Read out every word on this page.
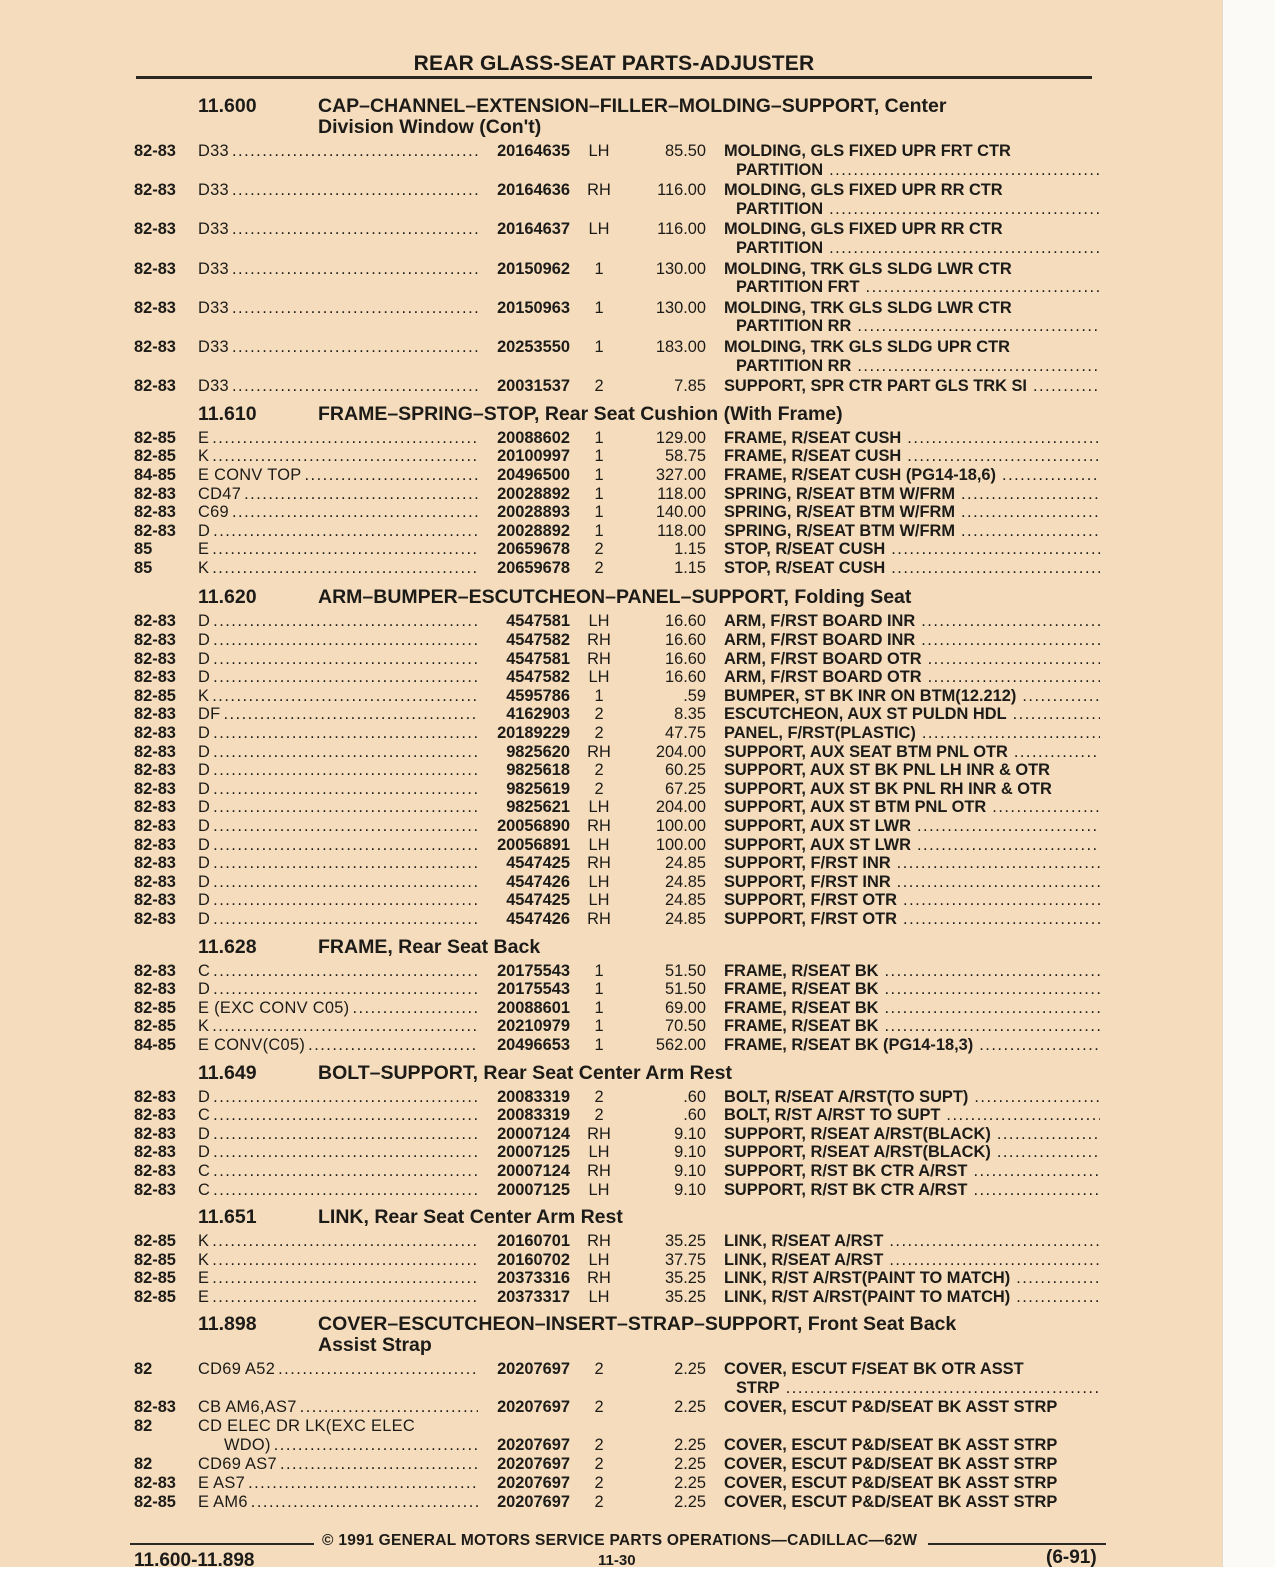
REAR GLASS-SEAT PARTS-ADJUSTER
11.600	CAP–CHANNEL–EXTENSION–FILLER–MOLDING–SUPPORT, Center
Division Window (Con't)
82-83	D33 .....	20164635	LH	85.50 MOLDING, GLS FIXED UPR FRT CTR
PARTITION
.....
82-83	D33 .....	20164636	RH	116.00 MOLDING, GLS FIXED UPR RR CTR
PARTITION
.....
82-83	D33 .....	20164637	LH	116.00 MOLDING, GLS FIXED UPR RR CTR
PARTITION
.....
82-83	D33 .....	20150962	1	130.00 MOLDING, TRK GLS SLDG LWR CTR
PARTITION FRT
.....
82-83	D33 .....	20150963	1	130.00 MOLDING, TRK GLS SLDG LWR CTR
PARTITION RR
.....
82-83	D33 .....	20253550	1	183.00 MOLDING, TRK GLS SLDG UPR CTR
PARTITION RR
.....
82-83	D33 .....	20031537	2	7.85 SUPPORT, SPR CTR PART GLS TRK SI
.....
11.610	FRAME–SPRING–STOP, Rear Seat Cushion (With Frame)
82-85	E .....	20088602	1	129.00 FRAME, R/SEAT CUSH
.....
82-85	K .....	20100997	1	58.75 FRAME, R/SEAT CUSH
.....
84-85	E CONV TOP .....	20496500	1	327.00 FRAME, R/SEAT CUSH (PG14-18,6)
.....
82-83	CD47 .....	20028892	1	118.00 SPRING, R/SEAT BTM W/FRM
.....
82-83	C69 .....	20028893	1	140.00 SPRING, R/SEAT BTM W/FRM
.....
82-83	D .....	20028892	1	118.00 SPRING, R/SEAT BTM W/FRM
.....
85	E .....	20659678	2	1.15 STOP, R/SEAT CUSH
.....
85	K .....	20659678	2	1.15 STOP, R/SEAT CUSH
.....
11.620	ARM–BUMPER–ESCUTCHEON–PANEL–SUPPORT, Folding Seat
82-83	D .....	4547581	LH	16.60 ARM, F/RST BOARD INR
.....
82-83	D .....	4547582	RH	16.60 ARM, F/RST BOARD INR
.....
82-83	D .....	4547581	RH	16.60 ARM, F/RST BOARD OTR
.....
82-83	D .....	4547582	LH	16.60 ARM, F/RST BOARD OTR
.....
82-85	K .....	4595786	1	.59 BUMPER, ST BK INR ON BTM(12.212)
.....
82-83	DF .....	4162903	2	8.35 ESCUTCHEON, AUX ST PULDN HDL
.....
82-83	D .....	20189229	2	47.75 PANEL, F/RST(PLASTIC)
.....
82-83	D .....	9825620	RH	204.00 SUPPORT, AUX SEAT BTM PNL OTR
.....
82-83	D .....	9825618	2	60.25 SUPPORT, AUX ST BK PNL LH INR & OTR
82-83	D .....	9825619	2	67.25 SUPPORT, AUX ST BK PNL RH INR & OTR
82-83	D .....	9825621	LH	204.00 SUPPORT, AUX ST BTM PNL OTR
.....
82-83	D .....	20056890	RH	100.00 SUPPORT, AUX ST LWR
.....
82-83	D .....	20056891	LH	100.00 SUPPORT, AUX ST LWR
.....
82-83	D .....	4547425	RH	24.85 SUPPORT, F/RST INR
.....
82-83	D .....	4547426	LH	24.85 SUPPORT, F/RST INR
.....
82-83	D .....	4547425	LH	24.85 SUPPORT, F/RST OTR
.....
82-83	D .....	4547426	RH	24.85 SUPPORT, F/RST OTR
.....
11.628	FRAME, Rear Seat Back
82-83	C .....	20175543	1	51.50 FRAME, R/SEAT BK
.....
82-83	D .....	20175543	1	51.50 FRAME, R/SEAT BK
.....
82-85	E (EXC CONV C05) .....	20088601	1	69.00 FRAME, R/SEAT BK
.....
82-85	K .....	20210979	1	70.50 FRAME, R/SEAT BK
.....
84-85	E CONV(C05) .....	20496653	1	562.00 FRAME, R/SEAT BK (PG14-18,3)
.....
11.649	BOLT–SUPPORT, Rear Seat Center Arm Rest
82-83	D .....	20083319	2	.60 BOLT, R/SEAT A/RST(TO SUPT)
.....
82-83	C .....	20083319	2	.60 BOLT, R/ST A/RST TO SUPT
.....
82-83	D .....	20007124	RH	9.10 SUPPORT, R/SEAT A/RST(BLACK)
.....
82-83	D .....	20007125	LH	9.10 SUPPORT, R/SEAT A/RST(BLACK)
.....
82-83	C .....	20007124	RH	9.10 SUPPORT, R/ST BK CTR A/RST
.....
82-83	C .....	20007125	LH	9.10 SUPPORT, R/ST BK CTR A/RST
.....
11.651	LINK, Rear Seat Center Arm Rest
82-85	K .....	20160701	RH	35.25 LINK, R/SEAT A/RST
.....
82-85	K .....	20160702	LH	37.75 LINK, R/SEAT A/RST
.....
82-85	E .....	20373316	RH	35.25 LINK, R/ST A/RST(PAINT TO MATCH)
.....
82-85	E .....	20373317	LH	35.25 LINK, R/ST A/RST(PAINT TO MATCH)
.....
11.898	COVER–ESCUTCHEON–INSERT–STRAP–SUPPORT, Front Seat Back
Assist Strap
82	CD69 A52 .....	20207697	2	2.25 COVER, ESCUT F/SEAT BK OTR ASST
STRP
.....
82-83	CB AM6,AS7 .....	20207697	2	2.25 COVER, ESCUT P&D/SEAT BK ASST STRP
82	CD ELEC DR LK(EXC ELEC
WDO) .....	20207697	2	2.25 COVER, ESCUT P&D/SEAT BK ASST STRP
82	CD69 AS7 .....	20207697	2	2.25 COVER, ESCUT P&D/SEAT BK ASST STRP
82-83	E AS7 .....	20207697	2	2.25 COVER, ESCUT P&D/SEAT BK ASST STRP
82-85	E AM6 .....	20207697	2	2.25 COVER, ESCUT P&D/SEAT BK ASST STRP
© 1991 GENERAL MOTORS SERVICE PARTS OPERATIONS—CADILLAC—62W
11.600-11.898	11-30	(6-91)
